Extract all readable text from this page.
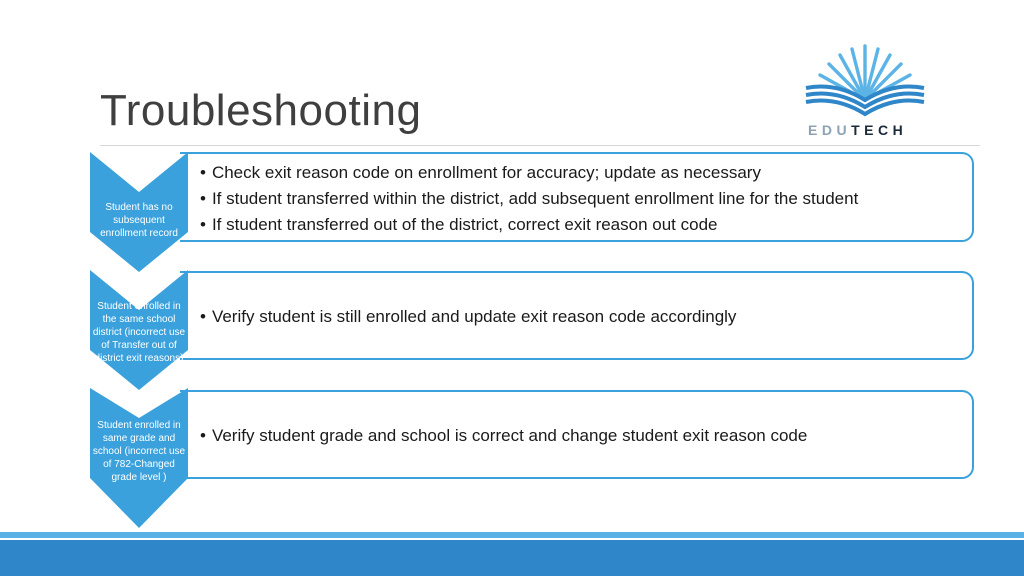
Troubleshooting	EDUTECH
• Check exit reason code on enrollment for accuracy; update as necessary
• If student transferred within the district, add subsequent enrollment line for the student
• If student transferred out of the district, correct exit reason out code
Student has no subsequent enrollment record
• Verify student is still enrolled and update exit reason code accordingly
Student enrolled in the same school district (incorrect use of Transfer out of district exit reasons)
• Verify student grade and school is correct and change student exit reason code
Student enrolled in same grade and school (incorrect use of 782-Changed grade level )
